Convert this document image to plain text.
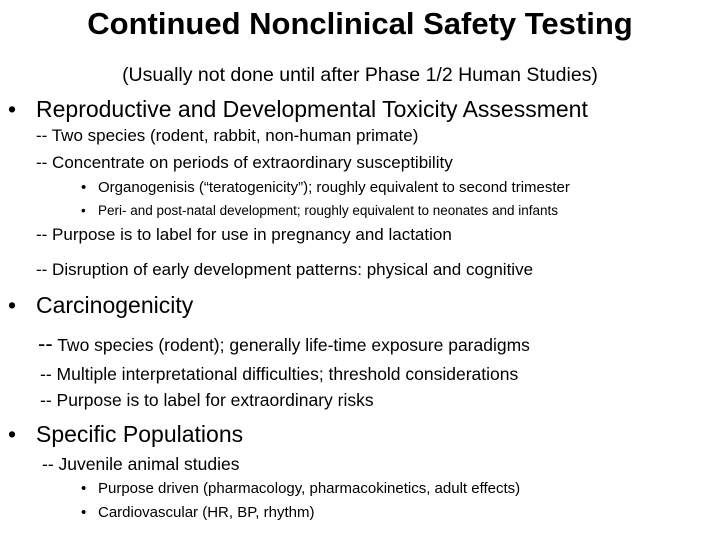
Continued Nonclinical Safety Testing
(Usually not done until after Phase 1/2 Human Studies)
• Reproductive and Developmental Toxicity Assessment
-- Two species (rodent, rabbit, non-human primate)
-- Concentrate on periods of extraordinary susceptibility
• Organogenisis (“teratogenicity”); roughly equivalent to second trimester
• Peri- and post-natal development; roughly equivalent to neonates and infants
-- Purpose is to label for use in pregnancy and lactation
-- Disruption of early development patterns: physical and cognitive
• Carcinogenicity
-- Two species (rodent); generally life-time exposure paradigms
-- Multiple interpretational difficulties; threshold considerations
-- Purpose is to label for extraordinary risks
• Specific Populations
-- Juvenile animal studies
• Purpose driven (pharmacology, pharmacokinetics, adult effects)
• Cardiovascular (HR, BP, rhythm)
